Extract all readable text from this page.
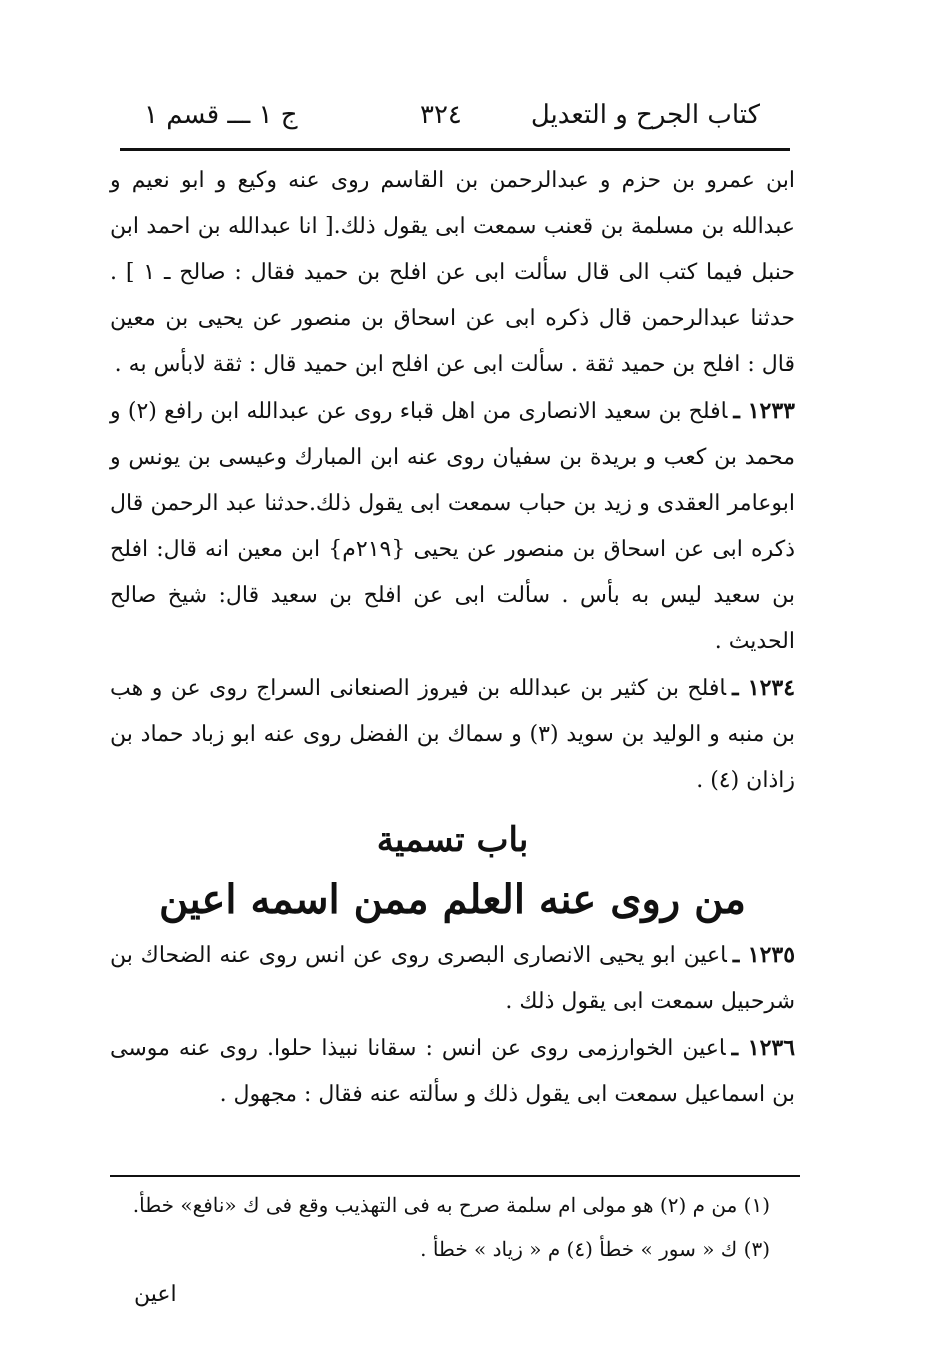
كتاب الجرح و التعديل
٣٢٤
ج ١ ـــ قسم ١

ابن عمرو بن حزم و عبدالرحمن بن القاسم روى عنه وكيع و ابو نعيم و عبدالله بن مسلمة بن قعنب سمعت ابى يقول ذلك.[ انا عبدالله بن احمد ابن حنبل فيما كتب الى قال سألت ابى عن افلح بن حميد فقال : صالح ـ ١ ] . حدثنا عبدالرحمن قال ذكره ابى عن اسحاق بن منصور عن يحيى بن معين قال : افلح بن حميد ثقة . سألت ابى عن افلح ابن حميد قال : ثقة لابأس به .

١٢٣٣ ـافلح بن سعيد الانصارى من اهل قباء روى عن عبدالله ابن رافع (٢) و محمد بن كعب و بريدة بن سفيان روى عنه ابن المبارك وعيسى بن يونس و ابوعامر العقدى و زيد بن حباب سمعت ابى يقول ذلك.حدثنا عبد الرحمن قال ذكره ابى عن اسحاق بن منصور عن يحيى {٢١٩م} ابن معين انه قال: افلح بن سعيد ليس به بأس . سألت ابى عن افلح بن سعيد قال: شيخ صالح الحديث .

١٢٣٤ ـافلح بن كثير بن عبدالله بن فيروز الصنعانى السراج روى عن و هب بن منبه و الوليد بن سويد (٣) و سماك بن الفضل روى عنه ابو زباد حماد بن زاذان (٤) .

باب تسمية

من روى عنه العلم ممن اسمه اعين

١٢٣٥ ـاعين ابو يحيى الانصارى البصرى روى عن انس روى عنه الضحاك بن شرحبيل سمعت ابى يقول ذلك .

١٢٣٦ ـاعين الخوارزمى روى عن انس : سقانا نبيذا حلوا. روى عنه موسى بن اسماعيل سمعت ابى يقول ذلك و سألته عنه فقال : مجهول .

(١) من م (٢) هو مولى ام سلمة صرح به فى التهذيب وقع فى ك «نافع» خطأ.

(٣) ك « سور » خطأ (٤) م « زياد » خطأ .

اعين
